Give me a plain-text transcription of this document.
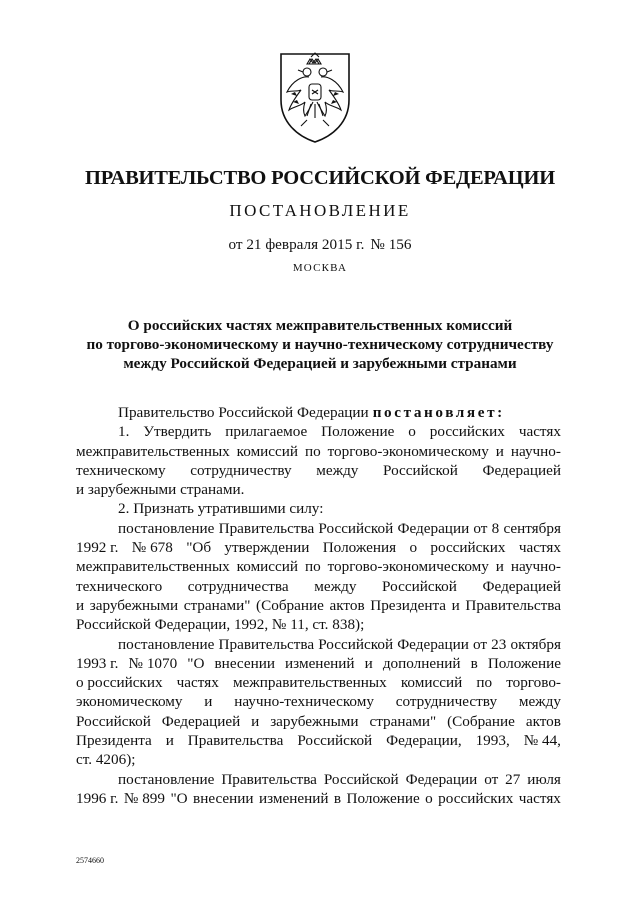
ПРАВИТЕЛЬСТВО РОССИЙСКОЙ ФЕДЕРАЦИИ
ПОСТАНОВЛЕНИЕ
от 21 февраля 2015 г. № 156
МОСКВА
О российских частях межправительственных комиссий
по торгово-экономическому и научно-техническому сотрудничеству
между Российской Федерацией и зарубежными странами
Правительство Российской Федерации постановляет:
1. Утвердить прилагаемое Положение о российских частях
межправительственных комиссий по торгово-экономическому и научно-
техническому сотрудничеству между Российской Федерацией
и зарубежными странами.
2. Признать утратившими силу:
постановление Правительства Российской Федерации от 8 сентября
1992 г. № 678 "Об утверждении Положения о российских частях
межправительственных комиссий по торгово-экономическому и научно-
технического сотрудничества между Российской Федерацией
и зарубежными странами" (Собрание актов Президента и Правительства
Российской Федерации, 1992, № 11, ст. 838);
постановление Правительства Российской Федерации от 23 октября
1993 г. № 1070 "О внесении изменений и дополнений в Положение
о российских частях межправительственных комиссий по торгово-
экономическому и научно-техническому сотрудничеству между
Российской Федерацией и зарубежными странами" (Собрание актов
Президента и Правительства Российской Федерации, 1993, № 44,
ст. 4206);
постановление Правительства Российской Федерации от 27 июля
1996 г. № 899 "О внесении изменений в Положение о российских частях
2574660
